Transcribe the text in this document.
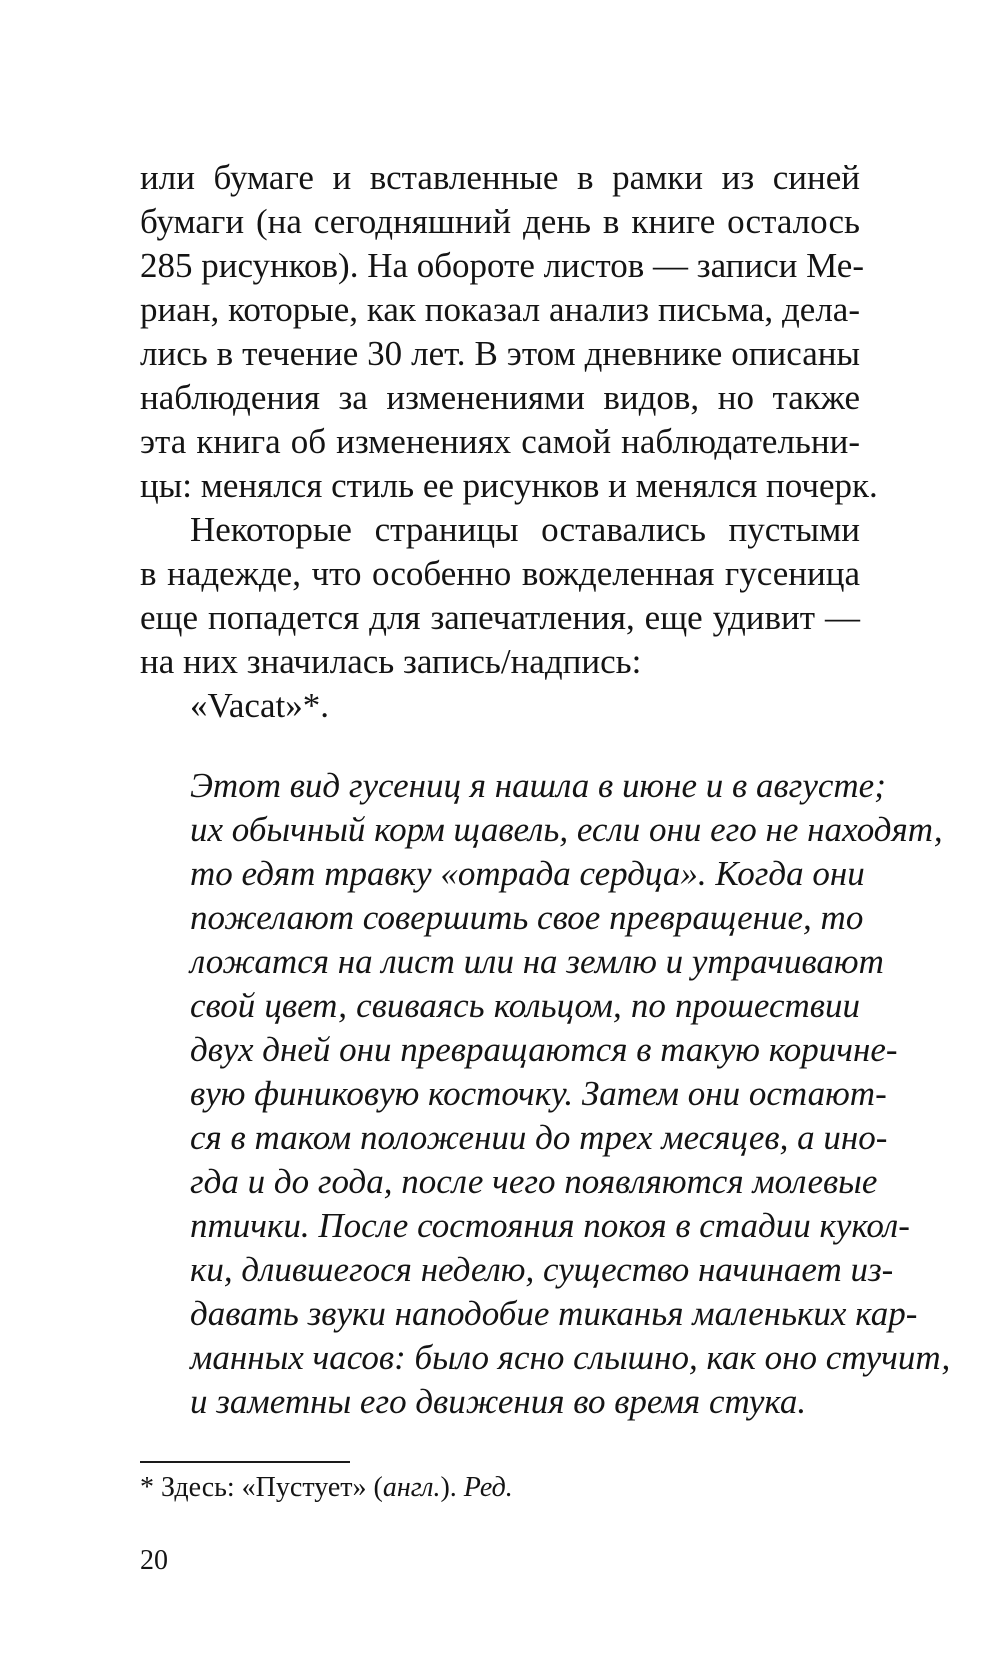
или бумаге и вставленные в рамки из синей
бумаги (на сегодняшний день в книге осталось
285 рисунков). На обороте листов — записи Ме-
риан, которые, как показал анализ письма, дела-
лись в течение 30 лет. В этом дневнике описаны
наблюдения за изменениями видов, но также
эта книга об изменениях самой наблюдательни-
цы: менялся стиль ее рисунков и менялся почерк.
Некоторые страницы оставались пустыми
в надежде, что особенно вожделенная гусеница
еще попадется для запечатления, еще удивит —
на них значилась запись/надпись:
«Vacat»*.
Этот вид гусениц я нашла в июне и в августе;
их обычный корм щавель, если они его не находят,
то едят травку «отрада сердца». Когда они
пожелают совершить свое превращение, то
ложатся на лист или на землю и утрачивают
свой цвет, свиваясь кольцом, по прошествии
двух дней они превращаются в такую коричне-
вую финиковую косточку. Затем они остают-
ся в таком положении до трех месяцев, а ино-
гда и до года, после чего появляются молевые
птички. После состояния покоя в стадии кукол-
ки, длившегося неделю, существо начинает из-
давать звуки наподобие тиканья маленьких кар-
манных часов: было ясно слышно, как оно стучит,
и заметны его движения во время стука.
* Здесь: «Пустует» (англ.). Ред.
20
